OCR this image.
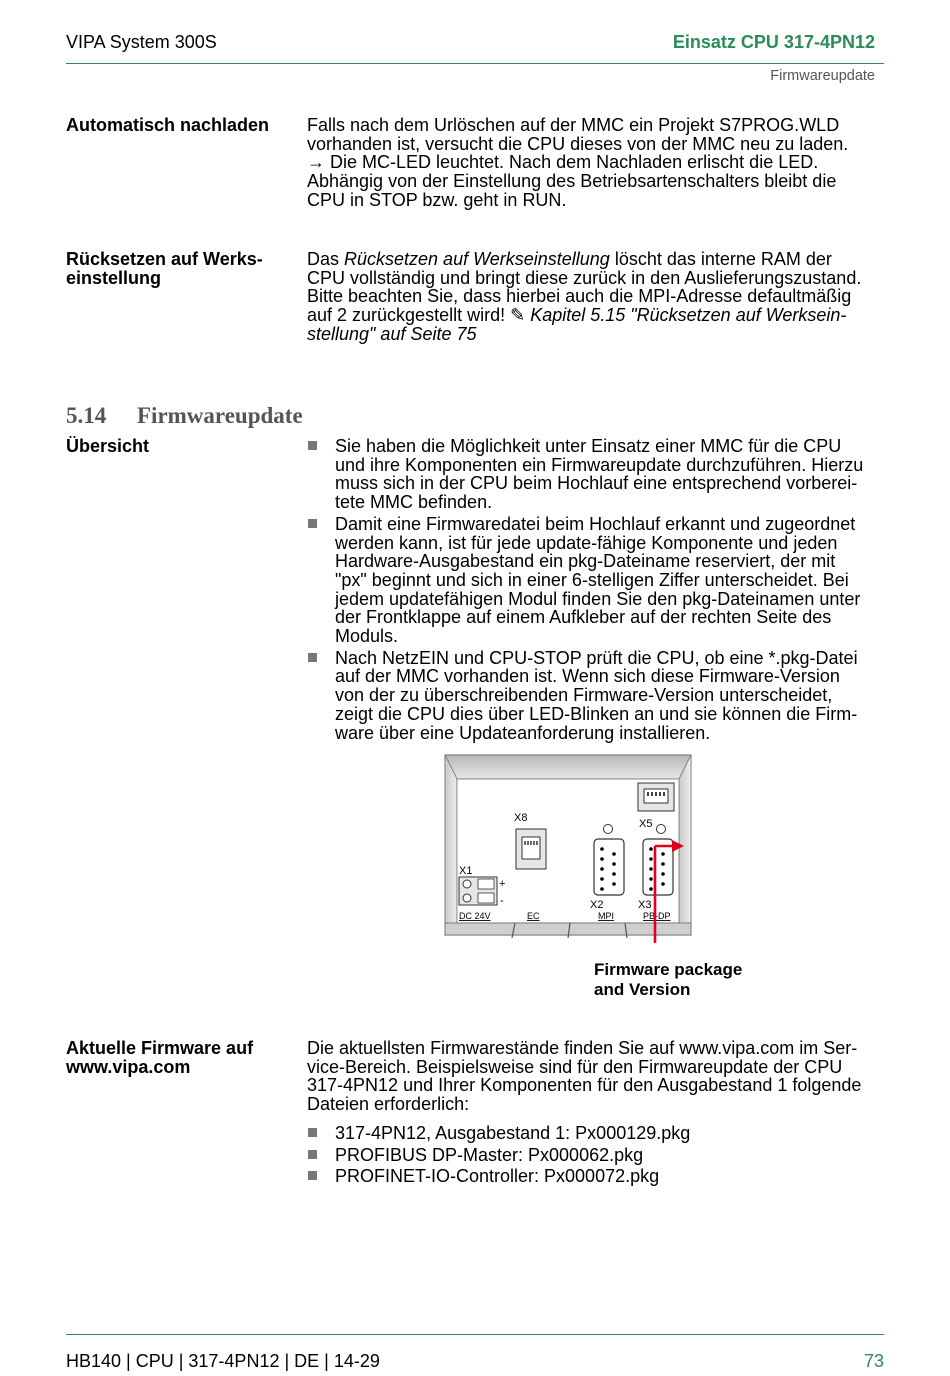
VIPA System 300S	Einsatz CPU 317-4PN12
Firmwareupdate
Automatisch nachladen	Falls nach dem Urlöschen auf der MMC ein Projekt S7PROG.WLD

vorhanden ist, versucht die CPU dieses von der MMC neu zu laden.

→ Die MC-LED leuchtet. Nach dem Nachladen erlischt die LED.

Abhängig von der Einstellung des Betriebsartenschalters bleibt die

CPU in STOP bzw. geht in RUN.

Rücksetzen auf Werks-
einstellung

Das Rücksetzen auf Werkseinstellung löscht das interne RAM der

CPU vollständig und bringt diese zurück in den Auslieferungszustand.

Bitte beachten Sie, dass hierbei auch die MPI-Adresse defaultmäßig

auf 2 zurückgestellt wird! ✎ Kapitel 5.15 "Rücksetzen auf Werksein-

stellung" auf Seite 75

5.14 Firmwareupdate
Übersicht	Sie haben die Möglichkeit unter Einsatz einer MMC für die CPU
und ihre Komponenten ein Firmwareupdate durchzuführen. Hierzu
muss sich in der CPU beim Hochlauf eine entsprechend vorberei-
tete MMC befinden.
Damit eine Firmwaredatei beim Hochlauf erkannt und zugeordnet
werden kann, ist für jede update-fähige Komponente und jeden
Hardware-Ausgabestand ein pkg-Dateiname reserviert, der mit
"px" beginnt und sich in einer 6-stelligen Ziffer unterscheidet. Bei
jedem updatefähigen Modul finden Sie den pkg-Dateinamen unter
der Frontklappe auf einem Aufkleber auf der rechten Seite des
Moduls.
Nach NetzEIN und CPU-STOP prüft die CPU, ob eine *.pkg-Datei
auf der MMC vorhanden ist. Wenn sich diese Firmware-Version
von der zu überschreibenden Firmware-Version unterscheidet,
zeigt die CPU dies über LED-Blinken an und sie können die Firm-
ware über eine Updateanforderung installieren.
X8	X5
X1
+
-	X2	X3
DC 24V	EC	MPI	PB-DP
Firmware package
and Version
Aktuelle Firmware auf
www.vipa.com

Die aktuellsten Firmwarestände finden Sie auf www.vipa.com im Ser-

vice-Bereich. Beispielsweise sind für den Firmwareupdate der CPU

317-4PN12 und Ihrer Komponenten für den Ausgabestand 1 folgende

Dateien erforderlich:

317-4PN12, Ausgabestand 1: Px000129.pkg
PROFIBUS DP-Master: Px000062.pkg
PROFINET-IO-Controller: Px000072.pkg
HB140 | CPU | 317-4PN12 | DE | 14-29	73
